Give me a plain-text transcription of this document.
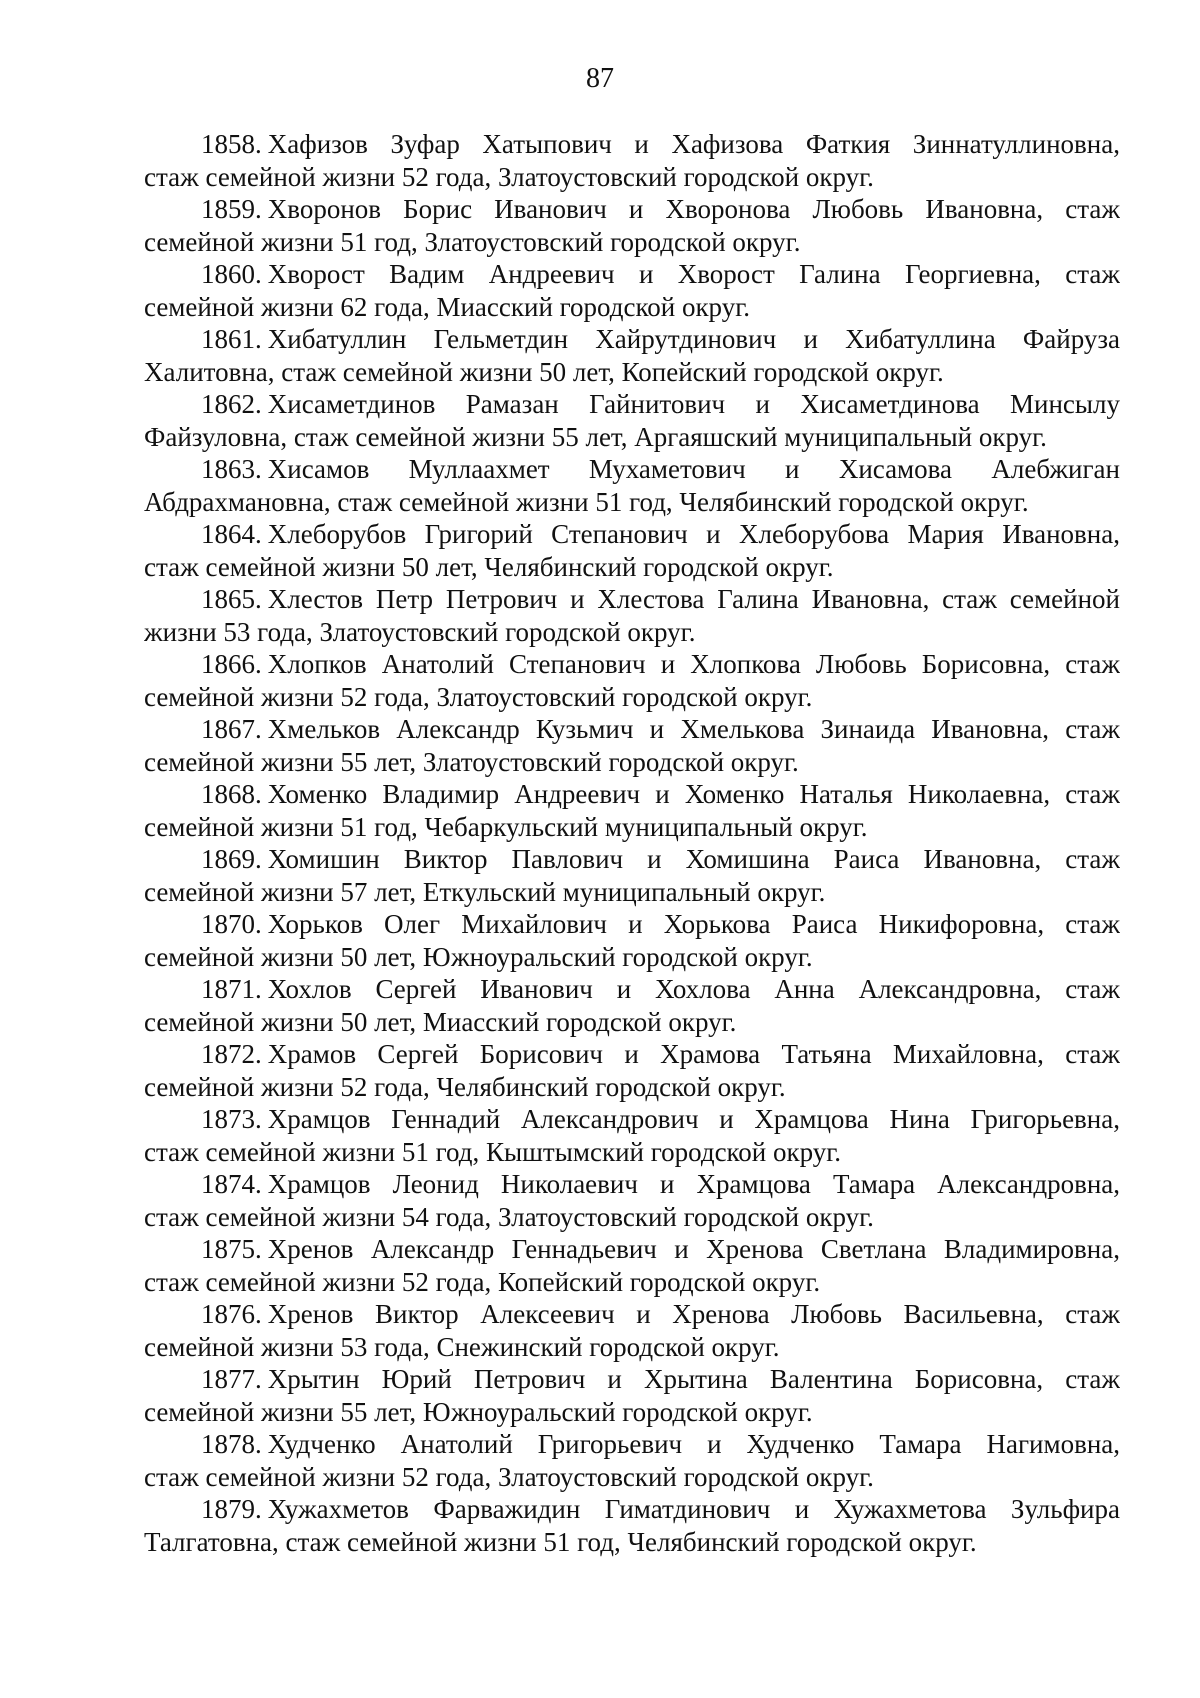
87

1858. Хафизов Зуфар Хатыпович и Хафизова Фаткия Зиннатуллиновна,
стаж семейной жизни 52 года, Златоустовский городской округ.

1859. Хворонов Борис Иванович и Хворонова Любовь Ивановна, стаж
семейной жизни 51 год, Златоустовский городской округ.

1860. Хворост Вадим Андреевич и Хворост Галина Георгиевна, стаж
семейной жизни 62 года, Миасский городской округ.

1861. Хибатуллин Гельметдин Хайрутдинович и Хибатуллина Файруза
Халитовна, стаж семейной жизни 50 лет, Копейский городской округ.

1862. Хисаметдинов Рамазан Гайнитович и Хисаметдинова Минсылу
Файзуловна, стаж семейной жизни 55 лет, Аргаяшский муниципальный округ.

1863. Хисамов Муллаахмет Мухаметович и Хисамова Алебжиган
Абдрахмановна, стаж семейной жизни 51 год, Челябинский городской округ.

1864. Хлеборубов Григорий Степанович и Хлеборубова Мария Ивановна,
стаж семейной жизни 50 лет, Челябинский городской округ.

1865. Хлестов Петр Петрович и Хлестова Галина Ивановна, стаж семейной
жизни 53 года, Златоустовский городской округ.

1866. Хлопков Анатолий Степанович и Хлопкова Любовь Борисовна, стаж
семейной жизни 52 года, Златоустовский городской округ.

1867. Хмельков Александр Кузьмич и Хмелькова Зинаида Ивановна, стаж
семейной жизни 55 лет, Златоустовский городской округ.

1868. Хоменко Владимир Андреевич и Хоменко Наталья Николаевна, стаж
семейной жизни 51 год, Чебаркульский муниципальный округ.

1869. Хомишин Виктор Павлович и Хомишина Раиса Ивановна, стаж
семейной жизни 57 лет, Еткульский муниципальный округ.

1870. Хорьков Олег Михайлович и Хорькова Раиса Никифоровна, стаж
семейной жизни 50 лет, Южноуральский городской округ.

1871. Хохлов Сергей Иванович и Хохлова Анна Александровна, стаж
семейной жизни 50 лет, Миасский городской округ.

1872. Храмов Сергей Борисович и Храмова Татьяна Михайловна, стаж
семейной жизни 52 года, Челябинский городской округ.

1873. Храмцов Геннадий Александрович и Храмцова Нина Григорьевна,
стаж семейной жизни 51 год, Кыштымский городской округ.

1874. Храмцов Леонид Николаевич и Храмцова Тамара Александровна,
стаж семейной жизни 54 года, Златоустовский городской округ.

1875. Хренов Александр Геннадьевич и Хренова Светлана Владимировна,
стаж семейной жизни 52 года, Копейский городской округ.

1876. Хренов Виктор Алексеевич и Хренова Любовь Васильевна, стаж
семейной жизни 53 года, Снежинский городской округ.

1877. Хрытин Юрий Петрович и Хрытина Валентина Борисовна, стаж
семейной жизни 55 лет, Южноуральский городской округ.

1878. Худченко Анатолий Григорьевич и Худченко Тамара Нагимовна,
стаж семейной жизни 52 года, Златоустовский городской округ.

1879. Хужахметов Фарважидин Гиматдинович и Хужахметова Зульфира
Талгатовна, стаж семейной жизни 51 год, Челябинский городской округ.
